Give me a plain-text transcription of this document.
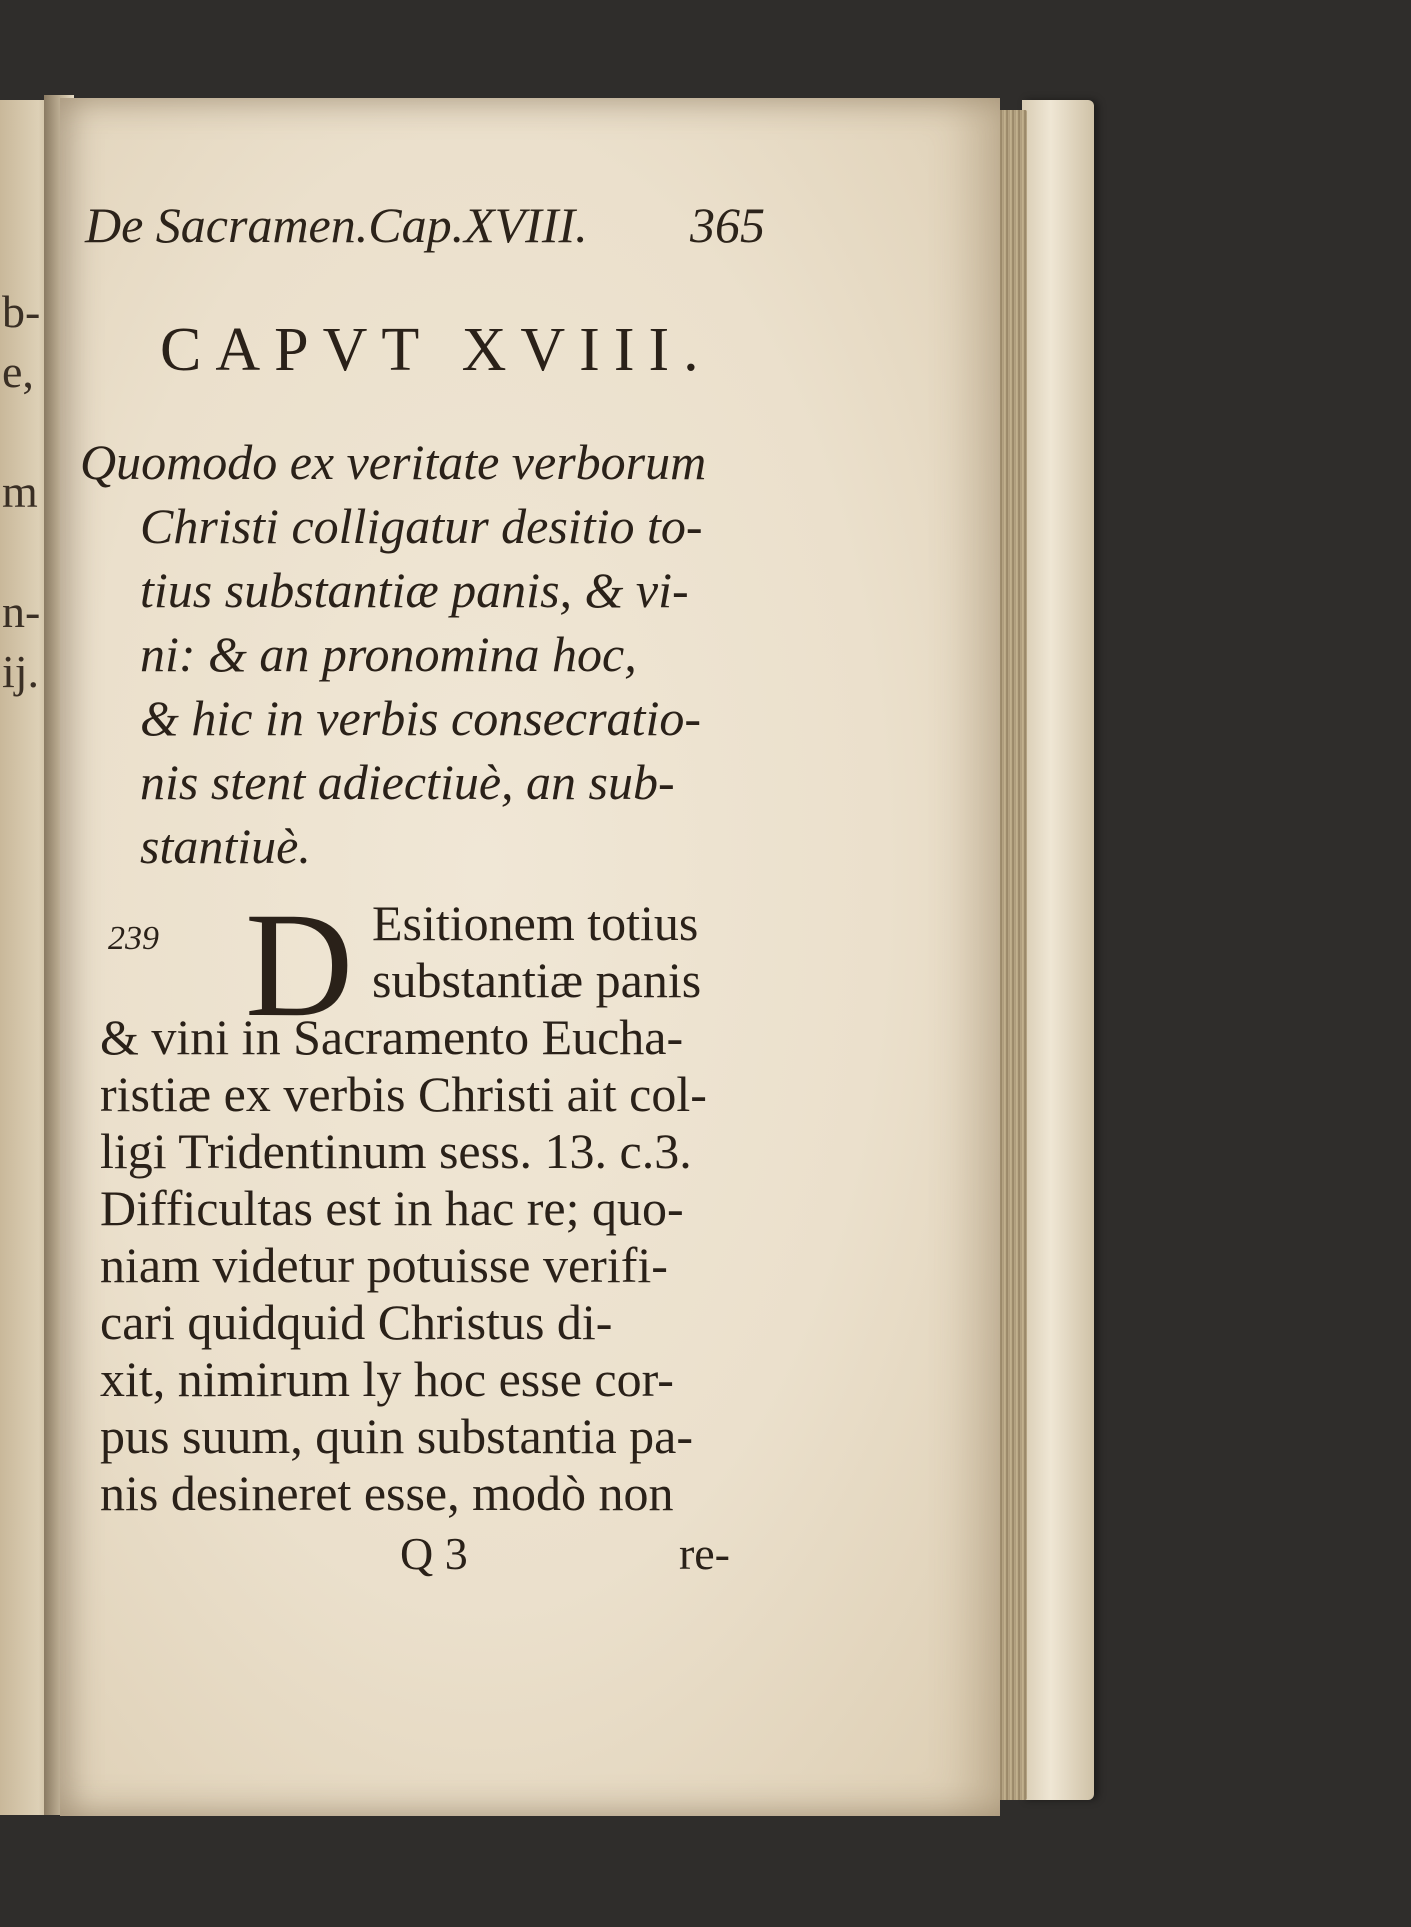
b-
e,
m
n-
ij.
De Sacramen.Cap.XVIII. 365
CAPVT XVIII.
Quomodo ex veritate verborum
Christi colligatur desitio to-
tius substantiæ panis, & vi-
ni: & an pronomina hoc,
& hic in verbis consecratio-
nis stent adiectiuè, an sub-
stantiuè.
239 D Esitionem totius
substantiæ panis
& vini in Sacramento Eucha-
ristiæ ex verbis Christi ait col-
ligi Tridentinum sess. 13. c.3.
Difficultas est in hac re; quo-
niam videtur potuisse verifi-
cari quidquid Christus di-
xit, nimirum ly hoc esse cor-
pus suum, quin substantia pa-
nis desineret esse, modò non
Q 3	re-
